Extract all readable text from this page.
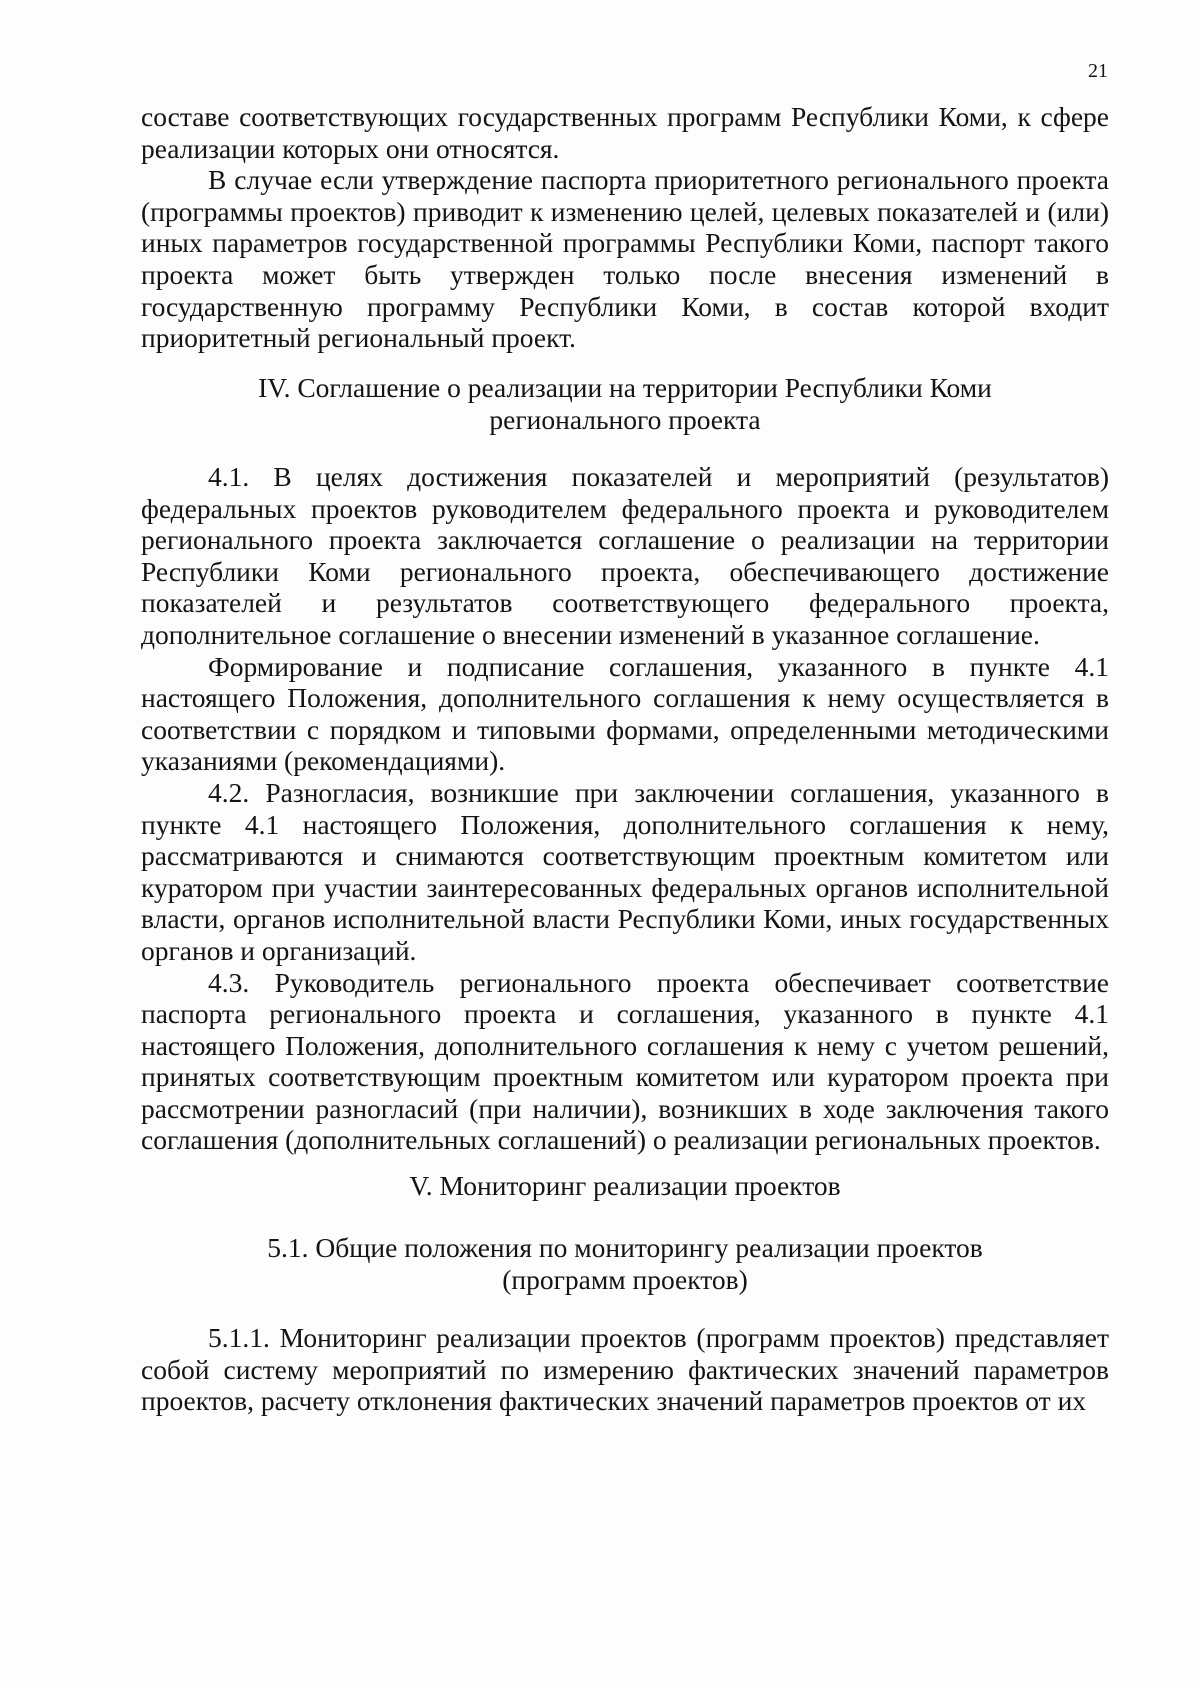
21

составе соответствующих государственных программ Республики Коми, к сфере реализации которых они относятся.

В случае если утверждение паспорта приоритетного регионального проекта (программы проектов) приводит к изменению целей, целевых показателей и (или) иных параметров государственной программы Республики Коми, паспорт такого проекта может быть утвержден только после внесения изменений в государственную программу Республики Коми, в состав которой входит приоритетный региональный проект.

IV. Соглашение о реализации на территории Республики Коми
регионального проекта

4.1. В целях достижения показателей и мероприятий (результатов) федеральных проектов руководителем федерального проекта и руководителем регионального проекта заключается соглашение о реализации на территории Республики Коми регионального проекта, обеспечивающего достижение показателей и результатов соответствующего федерального проекта, дополнительное соглашение о внесении изменений в указанное соглашение.

Формирование и подписание соглашения, указанного в пункте 4.1 настоящего Положения, дополнительного соглашения к нему осуществляется в соответствии с порядком и типовыми формами, определенными методическими указаниями (рекомендациями).

4.2. Разногласия, возникшие при заключении соглашения, указанного в пункте 4.1 настоящего Положения, дополнительного соглашения к нему, рассматриваются и снимаются соответствующим проектным комитетом или куратором при участии заинтересованных федеральных органов исполнительной власти, органов исполнительной власти Республики Коми, иных государственных органов и организаций.

4.3. Руководитель регионального проекта обеспечивает соответствие паспорта регионального проекта и соглашения, указанного в пункте 4.1 настоящего Положения, дополнительного соглашения к нему с учетом решений, принятых соответствующим проектным комитетом или куратором проекта при рассмотрении разногласий (при наличии), возникших в ходе заключения такого соглашения (дополнительных соглашений) о реализации региональных проектов.

V. Мониторинг реализации проектов
5.1. Общие положения по мониторингу реализации проектов
(программ проектов)

5.1.1. Мониторинг реализации проектов (программ проектов) представляет собой систему мероприятий по измерению фактических значений параметров проектов, расчету отклонения фактических значений параметров проектов от их
